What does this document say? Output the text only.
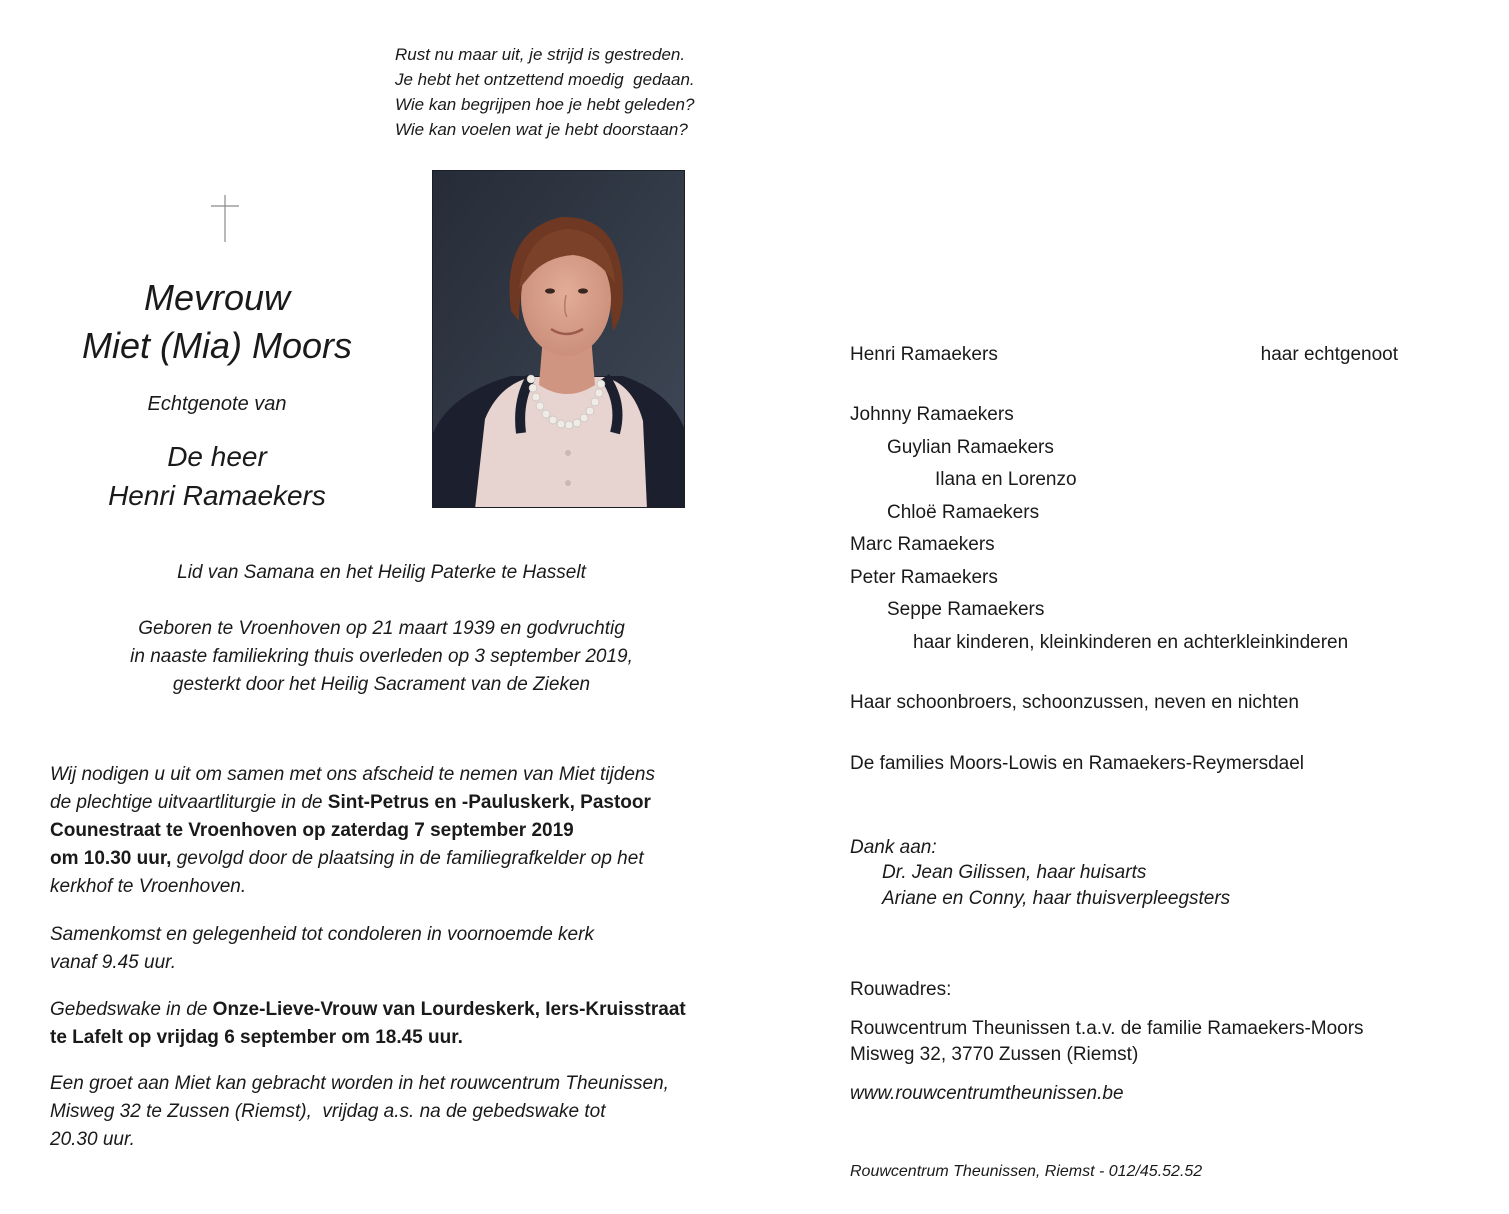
Rust nu maar uit, je strijd is gestreden.
Je hebt het ontzettend moedig  gedaan.
Wie kan begrijpen hoe je hebt geleden?
Wie kan voelen wat je hebt doorstaan?
Mevrouw
Miet (Mia) Moors
Echtgenote van
De heer
Henri Ramaekers
Lid van Samana en het Heilig Paterke te Hasselt
Geboren te Vroenhoven op 21 maart 1939 en godvruchtig
in naaste familiekring thuis overleden op 3 september 2019,
gesterkt door het Heilig Sacrament van de Zieken
Wij nodigen u uit om samen met ons afscheid te nemen van Miet tijdens
de plechtige uitvaartliturgie in de Sint-Petrus en -Pauluskerk, Pastoor
Counestraat te Vroenhoven op zaterdag 7 september 2019
om 10.30 uur, gevolgd door de plaatsing in de familiegrafkelder op het
kerkhof te Vroenhoven.
Samenkomst en gelegenheid tot condoleren in voornoemde kerk
vanaf 9.45 uur.
Gebedswake in de Onze-Lieve-Vrouw van Lourdeskerk, Iers-Kruisstraat
te Lafelt op vrijdag 6 september om 18.45 uur.
Een groet aan Miet kan gebracht worden in het rouwcentrum Theunissen,
Misweg 32 te Zussen (Riemst),  vrijdag a.s. na de gebedswake tot
20.30 uur.
Henri Ramaekers	haar echtgenoot
Johnny Ramaekers
Guylian Ramaekers
Ilana en Lorenzo
Chloë Ramaekers
Marc Ramaekers
Peter Ramaekers
Seppe Ramaekers
haar kinderen, kleinkinderen en achterkleinkinderen
Haar schoonbroers, schoonzussen, neven en nichten
De families Moors-Lowis en Ramaekers-Reymersdael
Dank aan:
Dr. Jean Gilissen, haar huisarts
Ariane en Conny, haar thuisverpleegsters
Rouwadres:
Rouwcentrum Theunissen t.a.v. de familie Ramaekers-Moors
Misweg 32, 3770 Zussen (Riemst)
www.rouwcentrumtheunissen.be
Rouwcentrum Theunissen, Riemst - 012/45.52.52
